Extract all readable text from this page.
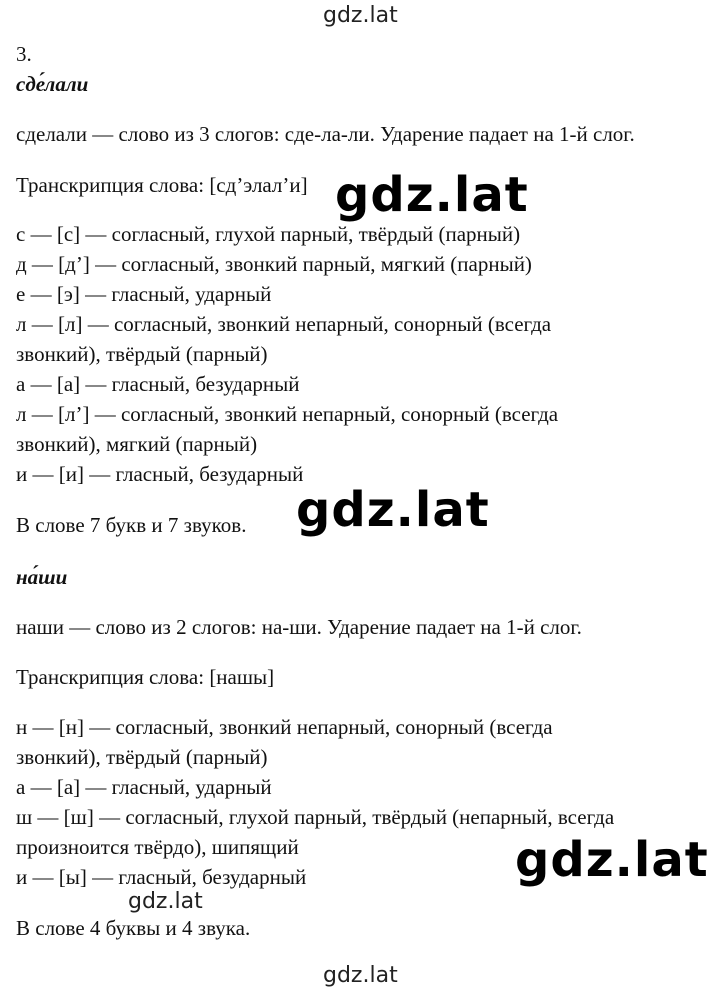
gdz.lat
3.
сде́лали
сделали — слово из 3 слогов: сде-ла-ли. Ударение падает на 1-й слог.
Транскрипция слова: [сд’элал’и]
с — [с] — согласный, глухой парный, твёрдый (парный)
д — [д’] — согласный, звонкий парный, мягкий (парный)
е — [э] — гласный, ударный
л — [л] — согласный, звонкий непарный, сонорный (всегда
звонкий), твёрдый (парный)
а — [а] — гласный, безударный
л — [л’] — согласный, звонкий непарный, сонорный (всегда
звонкий), мягкий (парный)
и — [и] — гласный, безударный
В слове 7 букв и 7 звуков.
на́ши
наши — слово из 2 слогов: на-ши. Ударение падает на 1-й слог.
Транскрипция слова: [нашы]
н — [н] — согласный, звонкий непарный, сонорный (всегда
звонкий), твёрдый (парный)
а — [а] — гласный, ударный
ш — [ш] — согласный, глухой парный, твёрдый (непарный, всегда
произноится твёрдо), шипящий
и — [ы] — гласный, безударный
В слове 4 буквы и 4 звука.
gdz.lat
gdz.lat
gdz.lat
gdz.lat
gdz.lat
